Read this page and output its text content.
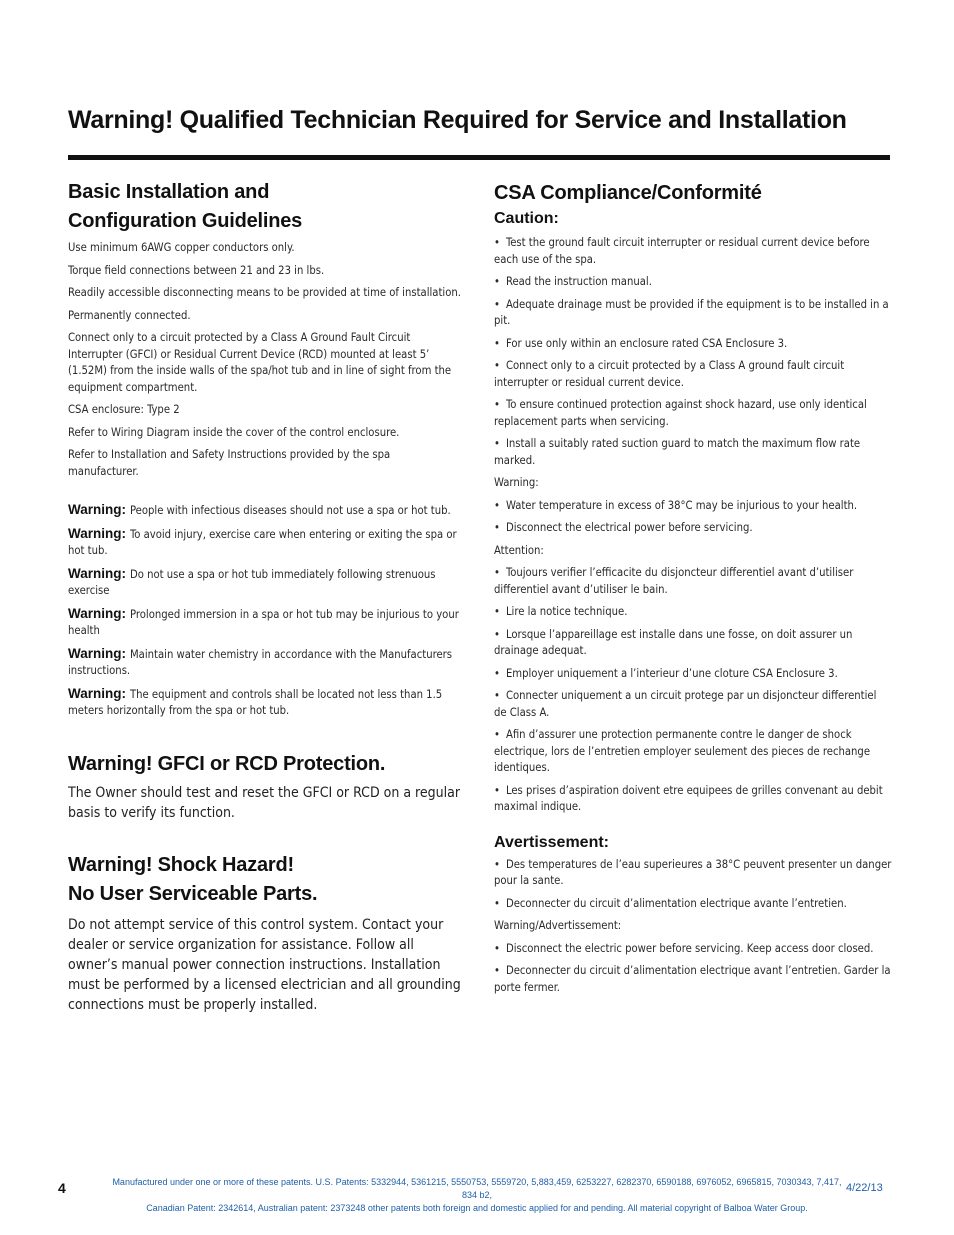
Warning! Qualified Technician Required for Service and Installation
Basic Installation and
Configuration Guidelines

Use minimum 6AWG copper conductors only.

Torque field connections between 21 and 23 in lbs.

Readily accessible disconnecting means to be provided at time of installation.

Permanently connected.

Connect only to a circuit protected by a Class A Ground Fault Circuit Interrupter (GFCI) or Residual Current Device (RCD) mounted at least 5’ (1.52M) from the inside walls of the spa/hot tub and in line of sight from the equipment compartment.

CSA enclosure: Type 2

Refer to Wiring Diagram inside the cover of the control enclosure.

Refer to Installation and Safety Instructions provided by the spa manufacturer.

Warning: People with infectious diseases should not use a spa or hot tub.

Warning: To avoid injury, exercise care when entering or exiting the spa or hot tub.

Warning: Do not use a spa or hot tub immediately following strenuous exercise

Warning: Prolonged immersion in a spa or hot tub may be injurious to your health

Warning: Maintain water chemistry in accordance with the Manufacturers instructions.

Warning: The equipment and controls shall be located not less than 1.5 meters horizontally from the spa or hot tub.

Warning! GFCI or RCD Protection.

The Owner should test and reset the GFCI or RCD on a regular basis to verify its function.

Warning! Shock Hazard!
No User Serviceable Parts.

Do not attempt service of this control system. Contact your dealer or service organization for assistance. Follow all owner’s manual power connection instructions. Installation must be performed by a licensed electrician and all grounding connections must be properly installed.

CSA Compliance/Conformité
Caution:
• Test the ground fault circuit interrupter or residual current device before each use of the spa.
• Read the instruction manual.
• Adequate drainage must be provided if the equipment is to be installed in a pit.
• For use only within an enclosure rated CSA Enclosure 3.
• Connect only to a circuit protected by a Class A ground fault circuit interrupter or residual current device.
• To ensure continued protection against shock hazard, use only identical replacement parts when servicing.
• Install a suitably rated suction guard to match the maximum flow rate marked.

Warning:

• Water temperature in excess of 38°C may be injurious to your health.
• Disconnect the electrical power before servicing.

Attention:

• Toujours verifier l’efficacite du disjoncteur differentiel avant d’utiliser differentiel avant d’utiliser le bain.
• Lire la notice technique.
• Lorsque l’appareillage est installe dans une fosse, on doit assurer un drainage adequat.
• Employer uniquement a l’interieur d’une cloture CSA Enclosure 3.
• Connecter uniquement a un circuit protege par un disjoncteur differentiel de Class A.
• Afin d’assurer une protection permanente contre le danger de shock electrique, lors de l’entretien employer seulement des pieces de rechange identiques.
• Les prises d’aspiration doivent etre equipees de grilles convenant au debit maximal indique.
Avertissement:
• Des temperatures de l’eau superieures a 38°C peuvent presenter un danger pour la sante.
• Deconnecter du circuit d’alimentation electrique avante l’entretien.

Warning/Advertissement:

• Disconnect the electric power before servicing. Keep access door closed.
• Deconnecter du circuit d’alimentation electrique avant l’entretien. Garder la porte fermer.
4	Manufactured under one or more of these patents. U.S. Patents: 5332944, 5361215, 5550753, 5559720, 5,883,459, 6253227, 6282370, 6590188, 6976052, 6965815, 7030343, 7,417, 834 b2,
Canadian Patent: 2342614, Australian patent: 2373248 other patents both foreign and domestic applied for and pending. All material copyright of Balboa Water Group.
4/22/13
